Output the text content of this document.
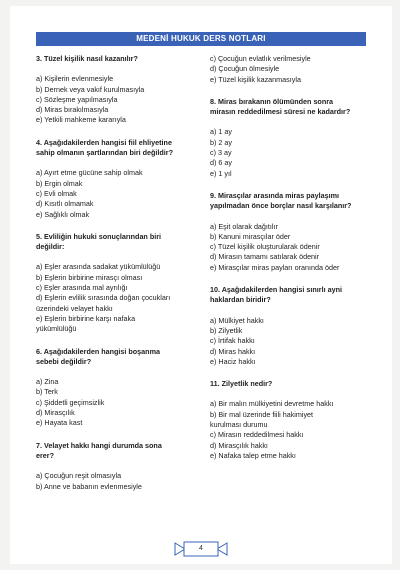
MEDENİ HUKUK DERS NOTLARI

3. Tüzel kişilik nasıl kazanılır?

a) Kişilerin evlenmesiyle

b) Dernek veya vakıf kurulmasıyla

c) Sözleşme yapılmasıyla

d) Miras bırakılmasıyla

e) Yetkili mahkeme kararıyla

4. Aşağıdakilerden hangisi fiil ehliyetine

sahip olmanın şartlarından biri değildir?

a) Ayırt etme gücüne sahip olmak

b) Ergin olmak

c) Evli olmak

d) Kısıtlı olmamak

e) Sağlıklı olmak

5. Evliliğin hukuki sonuçlarından biri

değildir:

a) Eşler arasında sadakat yükümlülüğü

b) Eşlerin birbirine mirasçı olması

c) Eşler arasında mal ayrılığı

d) Eşlerin evlilik sırasında doğan çocukları

üzerindeki velayet hakkı

e) Eşlerin birbirine karşı nafaka

yükümlülüğü

6. Aşağıdakilerden hangisi boşanma

sebebi değildir?

a) Zina

b) Terk

c) Şiddetli geçimsizlik

d) Mirasçılık

e) Hayata kast

7. Velayet hakkı hangi durumda sona

erer?

a) Çocuğun reşit olmasıyla

b) Anne ve babanın evlenmesiyle

c) Çocuğun evlatlık verilmesiyle

d) Çocuğun ölmesiyle

e) Tüzel kişilik kazanmasıyla

8. Miras bırakanın ölümünden sonra

mirasın reddedilmesi süresi ne kadardır?

a) 1 ay

b) 2 ay

c) 3 ay

d) 6 ay

e) 1 yıl

9. Mirasçılar arasında miras paylaşımı

yapılmadan önce borçlar nasıl karşılanır?

a) Eşit olarak dağıtılır

b) Kanuni mirasçılar öder

c) Tüzel kişilik oluşturularak ödenir

d) Mirasın tamamı satılarak ödenir

e) Mirasçılar miras payları oranında öder

10. Aşağıdakilerden hangisi sınırlı ayni

haklardan biridir?

a) Mülkiyet hakkı

b) Zilyetlik

c) İrtifak hakkı

d) Miras hakkı

e) Haciz hakkı

11. Zilyetlik nedir?

a) Bir malın mülkiyetini devretme hakkı

b) Bir mal üzerinde fiili hakimiyet

kurulması durumu

c) Mirasın reddedilmesi hakkı

d) Mirasçılık hakkı

e) Nafaka talep etme hakkı

4
